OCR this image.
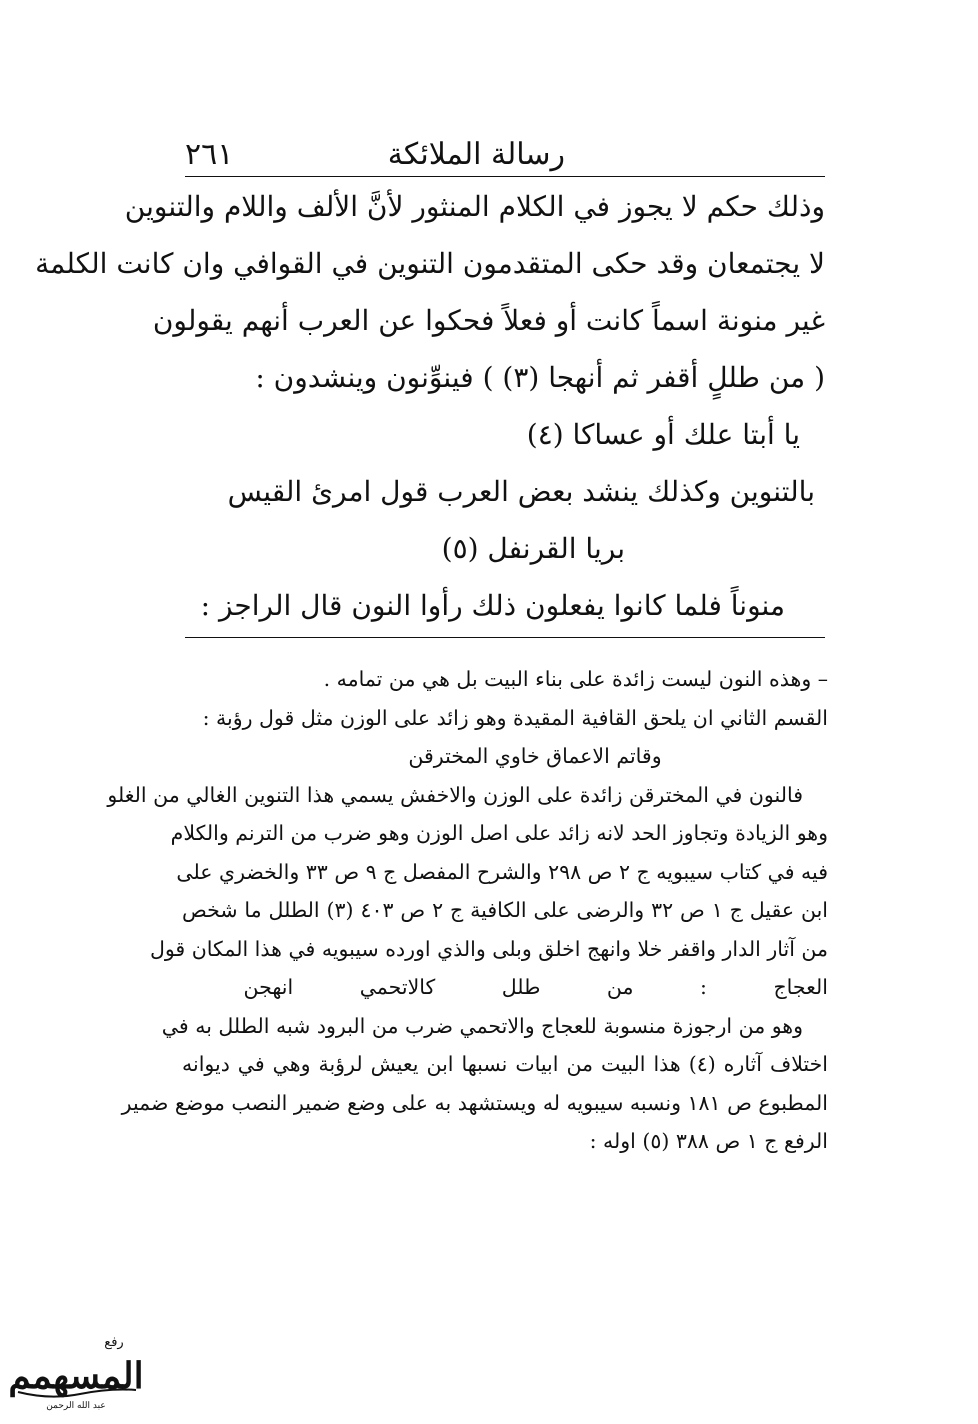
رسالة الملائكة
٢٦١
وذلك حكم لا يجوز في الكلام المنثور لأنَّ الألف واللام والتنوين
لا يجتمعان وقد حكى المتقدمون التنوين في القوافي وان كانت الكلمة
غير منونة اسماً كانت أو فعلاً فحكوا عن العرب أنهم يقولون
( من طللٍ أقفر ثم أنهجا (٣) ) فينوِّنون وينشدون :
يا أبتا علك أو عساكا (٤)
بالتنوين وكذلك ينشد بعض العرب قول امرئ القيس
بريا القرنفل (٥)
منوناً فلما كانوا يفعلون ذلك رأوا النون قال الراجز :
– وهذه النون ليست زائدة على بناء البيت بل هي من تمامه .
القسم الثاني ان يلحق القافية المقيدة وهو زائد على الوزن مثل قول رؤبة :
وقاتم الاعماق خاوي المخترقن
فالنون في المخترقن زائدة على الوزن والاخفش يسمي هذا التنوين الغالي من الغلو
وهو الزيادة وتجاوز الحد لانه زائد على اصل الوزن وهو ضرب من الترنم والكلام
فيه في كتاب سيبويه ج ٢ ص ٢٩٨ والشرح المفصل ج ٩ ص ٣٣ والخضري على
ابن عقيل ج ١ ص ٣٢ والرضى على الكافية ج ٢ ص ٤٠٣ (٣) الطلل ما شخص
من آثار الدار واقفر خلا وانهج اخلق وبلى والذي اورده سيبويه في هذا المكان قول
العجاج : من طلل كالاتحمي انهجن
وهو من ارجوزة منسوبة للعجاج والاتحمي ضرب من البرود شبه الطلل به في
اختلاف آثاره (٤) هذا البيت من ابيات نسبها ابن يعيش لرؤبة وهي في ديوانه
المطبوع ص ١٨١ ونسبه سيبويه له ويستشهد به على وضع ضمير النصب موضع ضمير
الرفع ج ١ ص ٣٨٨ (٥) اوله :
رفع
المسهمم
عبد الله الرحمن
